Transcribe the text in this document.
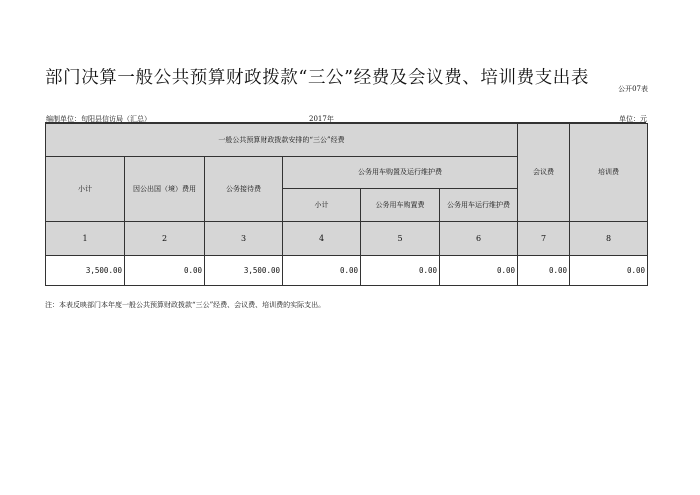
部门决算一般公共预算财政拨款“三公”经费及会议费、培训费支出表
公开07表
编制单位：旬阳县信访局（汇总）	2017年	单位：元
一般公共预算财政拨款安排的“三公”经费						会议费	培训费
小计	因公出国（境）费用	公务接待费	公务用车购置及运行维护费				
			小计	公务用车购置费	公务用车运行维护费		
1	2	3	4	5	6	7	8
3,500.00	0.00	3,500.00	0.00	0.00	0.00	0.00	0.00
注：本表反映部门本年度一般公共预算财政拨款“三公”经费、会议费、培训费的实际支出。
